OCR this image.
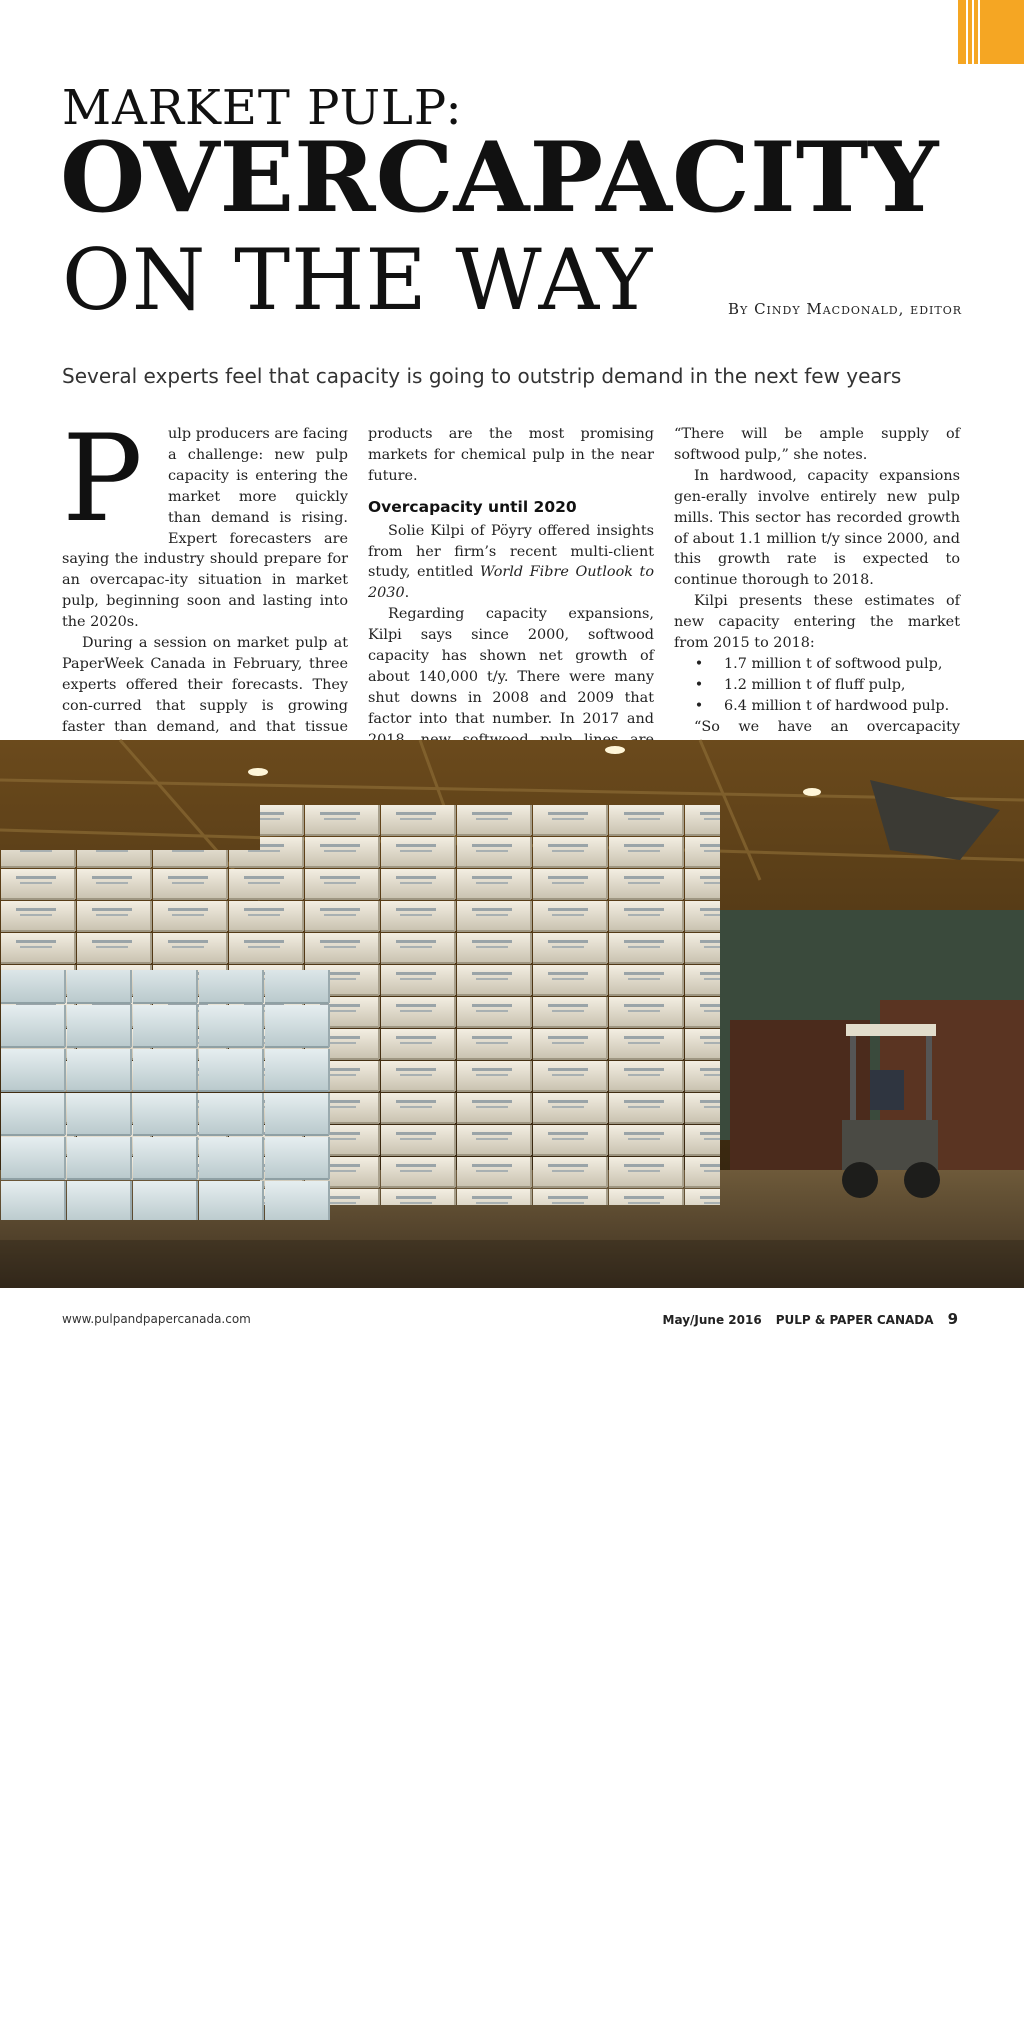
MARKET PULP:
OVERCAPACITY
ON THE WAY	By Cindy Macdonald, editor
Several experts feel that capacity is going to outstrip demand in the next few years
P	ulp producers are facing a challenge: new pulp capacity is entering the market more quickly than demand is rising. Expert forecasters are saying the industry should prepare for an overcapac-ity situation in market pulp, beginning soon and lasting into the 2020s.

During a session on market pulp at PaperWeek Canada in February, three experts offered their forecasts. They con-curred that supply is growing faster than demand, and that tissue

products are the most promising markets for chemical pulp in the near future.

Overcapacity until 2020

Solie Kilpi of Pöyry offered insights from her firm’s recent multi-client study, entitled World Fibre Outlook to 2030.

Regarding capacity expansions, Kilpi says since 2000, softwood capacity has shown net growth of about 140,000 t/y. There were many shut downs in 2008 and 2009 that factor into that number. In 2017 and

“There will be ample supply of softwood pulp,” she notes.

In hardwood, capacity expansions gen-erally involve entirely new pulp mills. This sector has recorded growth of about 1.1 million t/y since 2000, and this growth rate is expected to continue thorough to 2018.

Kilpi presents these estimates of new capacity entering the market from 2015 to 2018:

•	1.7 million t of softwood pulp,
•	1.2 million t of fluff pulp,
•	6.4 million t of hardwood pulp.

“So we have an overcapacity

New softwood pulp capacity in Sweden and Russia will affect the global market and could trigger restructuring, according to Kilpi.
Photo courtesy Canfor Pulp.
www.pulpandpapercanada.com	May/June 2016 PULP & PAPER CANADA 9
